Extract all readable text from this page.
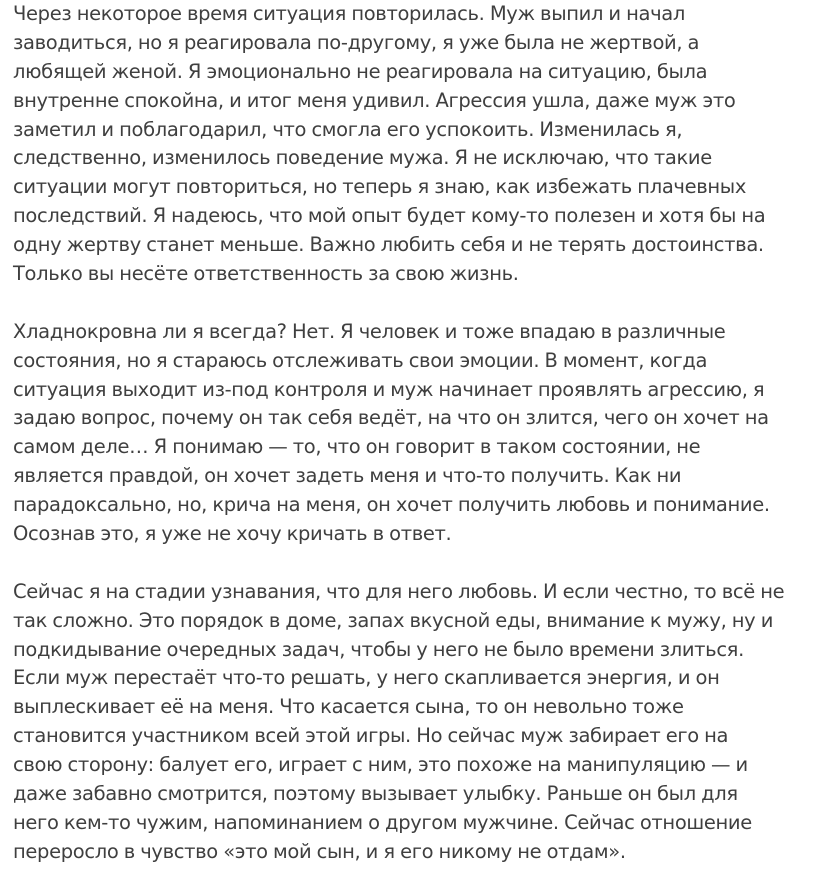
Через некоторое время ситуация повторилась. Муж выпил и начал
заводиться, но я реагировала по-другому, я уже была не жертвой, а
любящей женой. Я эмоционально не реагировала на ситуацию, была
внутренне спокойна, и итог меня удивил. Агрессия ушла, даже муж это
заметил и поблагодарил, что смогла его успокоить. Изменилась я,
следственно, изменилось поведение мужа. Я не исключаю, что такие
ситуации могут повториться, но теперь я знаю, как избежать плачевных
последствий. Я надеюсь, что мой опыт будет кому-то полезен и хотя бы на
одну жертву станет меньше. Важно любить себя и не терять достоинства.
Только вы несёте ответственность за свою жизнь.

Хладнокровна ли я всегда? Нет. Я человек и тоже впадаю в различные
состояния, но я стараюсь отслеживать свои эмоции. В момент, когда
ситуация выходит из-под контроля и муж начинает проявлять агрессию, я
задаю вопрос, почему он так себя ведёт, на что он злится, чего он хочет на
самом деле… Я понимаю — то, что он говорит в таком состоянии, не
является правдой, он хочет задеть меня и что-то получить. Как ни
парадоксально, но, крича на меня, он хочет получить любовь и понимание.
Осознав это, я уже не хочу кричать в ответ.

Сейчас я на стадии узнавания, что для него любовь. И если честно, то всё не
так сложно. Это порядок в доме, запах вкусной еды, внимание к мужу, ну и
подкидывание очередных задач, чтобы у него не было времени злиться.
Если муж перестаёт что-то решать, у него скапливается энергия, и он
выплескивает её на меня. Что касается сына, то он невольно тоже
становится участником всей этой игры. Но сейчас муж забирает его на
свою сторону: балует его, играет с ним, это похоже на манипуляцию — и
даже забавно смотрится, поэтому вызывает улыбку. Раньше он был для
него кем-то чужим, напоминанием о другом мужчине. Сейчас отношение
переросло в чувство «это мой сын, и я его никому не отдам».
